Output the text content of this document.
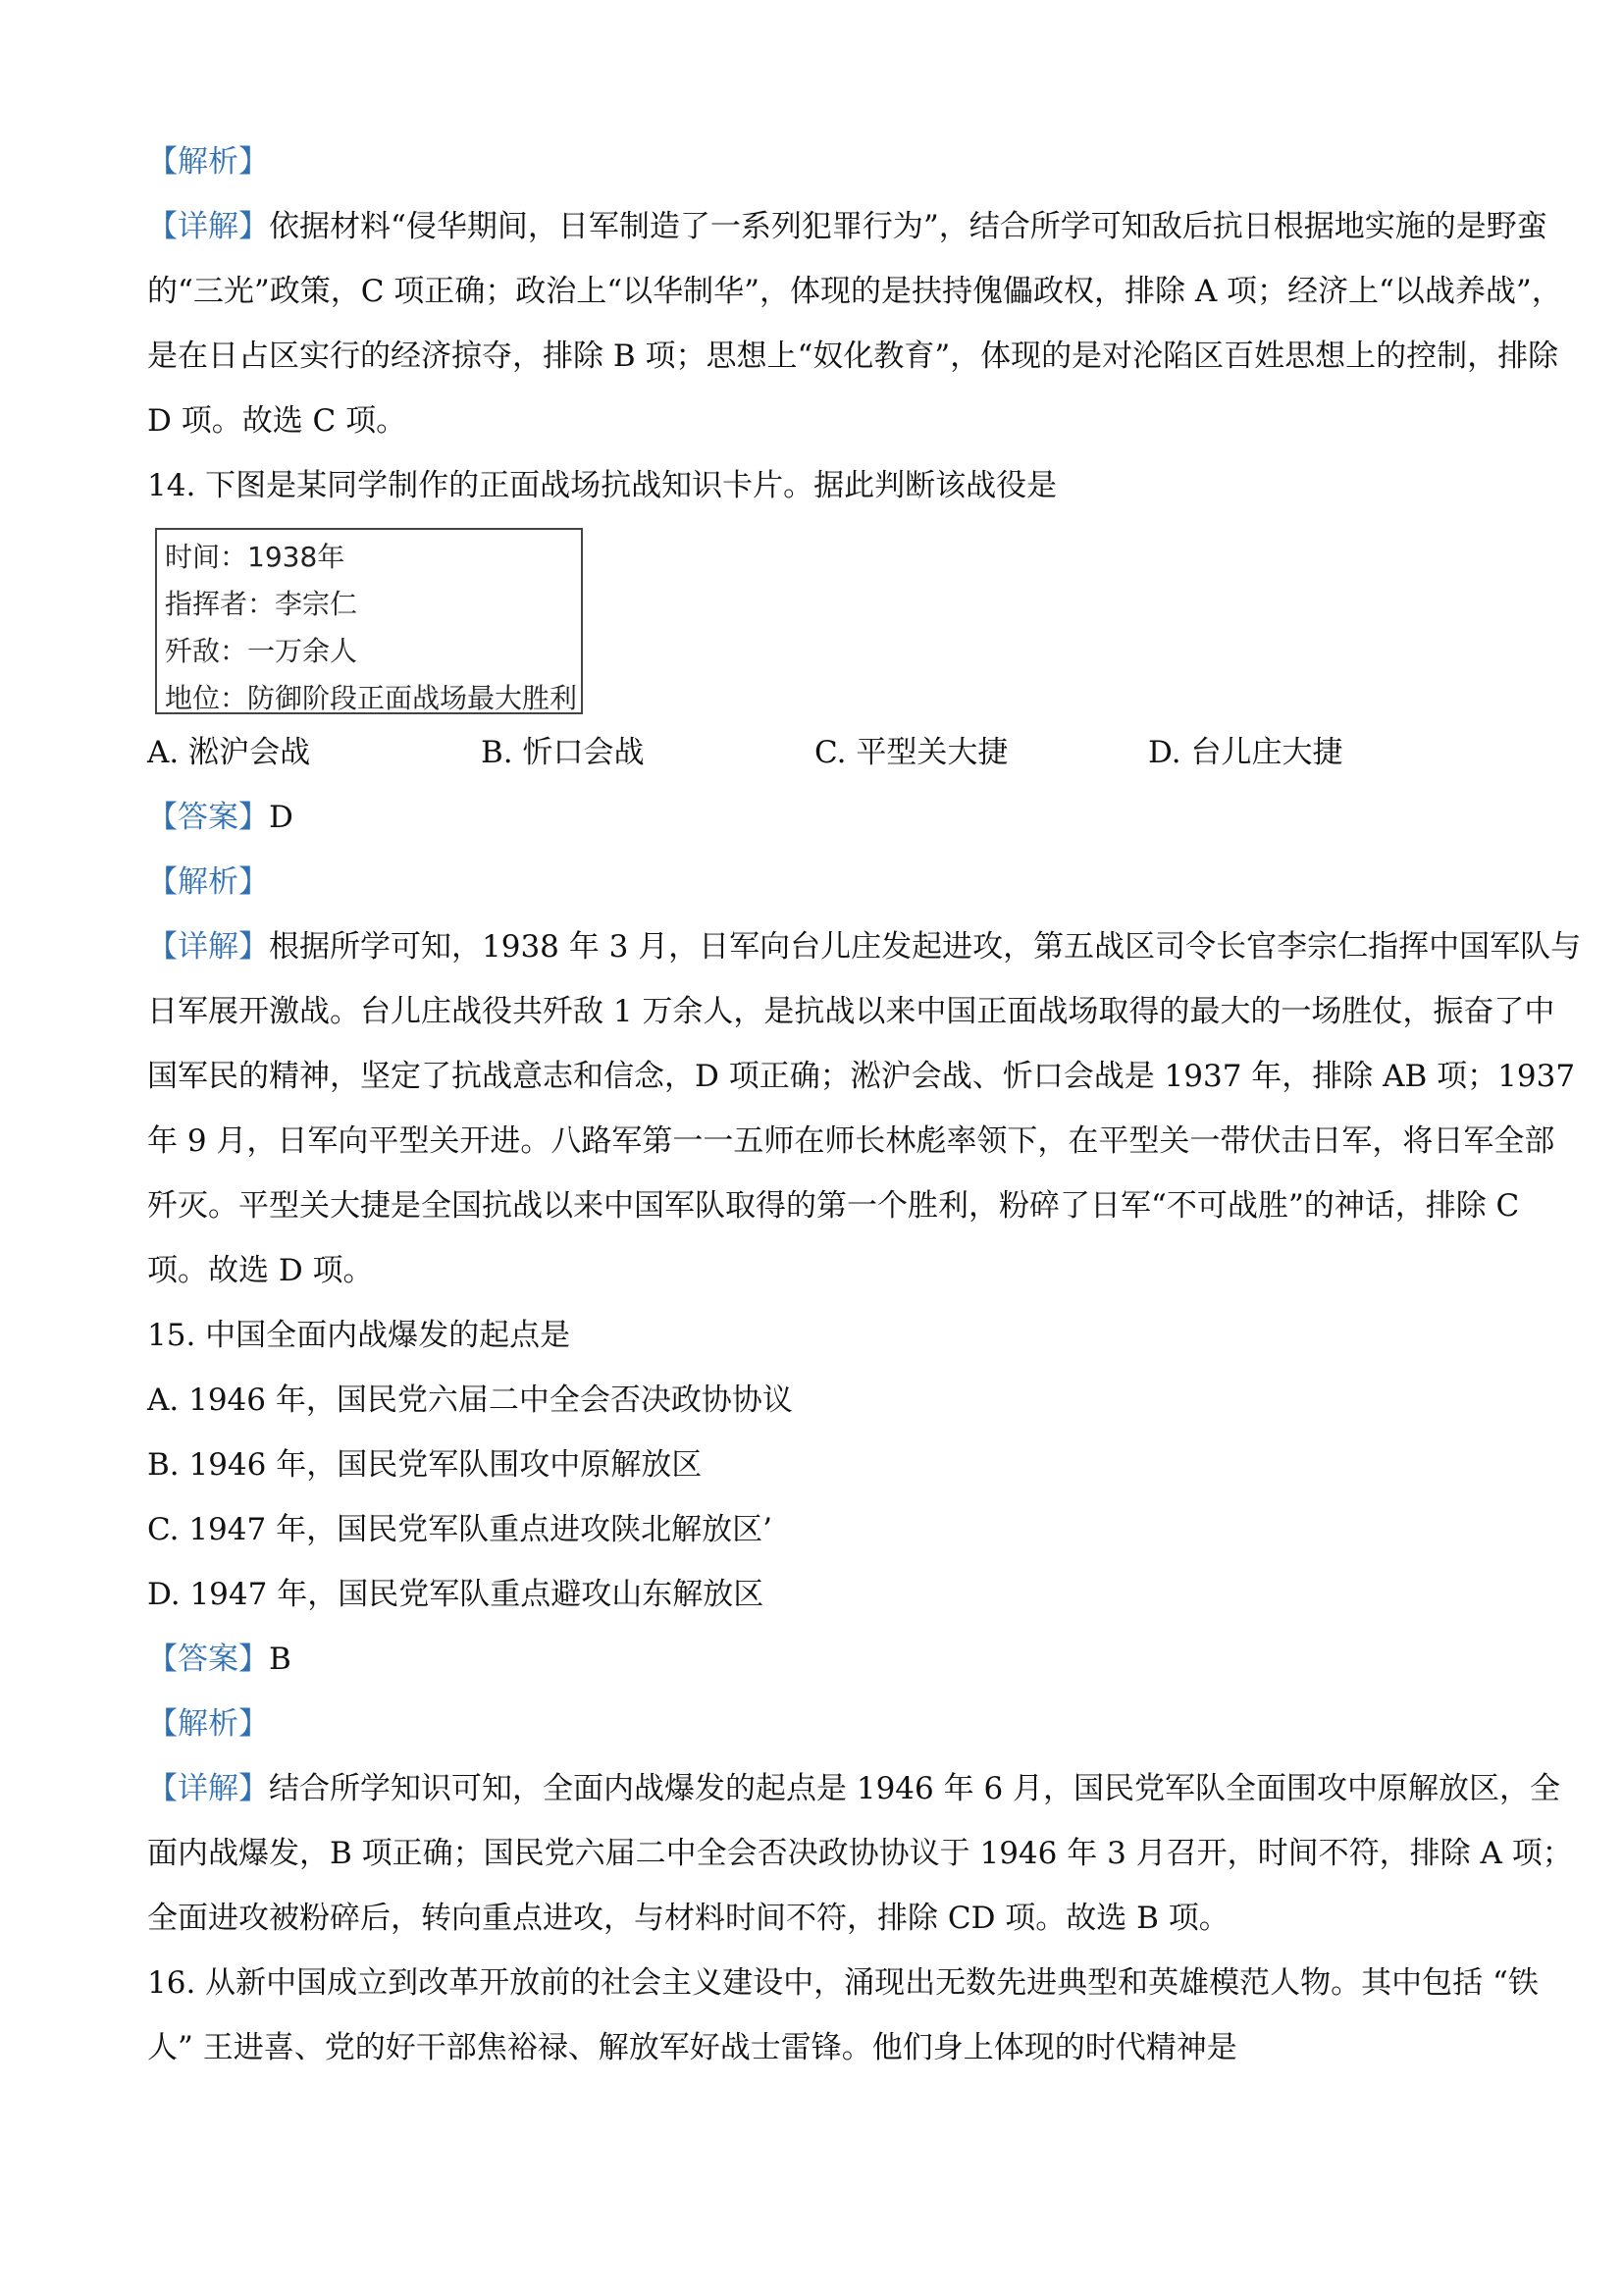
【解析】
【详解】依据材料“侵华期间，日军制造了一系列犯罪行为”，结合所学可知敌后抗日根据地实施的是野蛮
的“三光”政策，C 项正确；政治上“以华制华”，体现的是扶持傀儡政权，排除 A 项；经济上“以战养战”，
是在日占区实行的经济掠夺，排除 B 项；思想上“奴化教育”，体现的是对沦陷区百姓思想上的控制，排除
D 项。故选 C 项。
14. 下图是某同学制作的正面战场抗战知识卡片。据此判断该战役是
时间：1938年
指挥者：李宗仁
歼敌：一万余人
地位：防御阶段正面战场最大胜利
A. 淞沪会战	B. 忻口会战	C. 平型关大捷	D. 台儿庄大捷
【答案】D
【解析】
【详解】根据所学可知，1938 年 3 月，日军向台儿庄发起进攻，第五战区司令长官李宗仁指挥中国军队与
日军展开激战。台儿庄战役共歼敌 1 万余人，是抗战以来中国正面战场取得的最大的一场胜仗，振奋了中
国军民的精神，坚定了抗战意志和信念，D 项正确；淞沪会战、忻口会战是 1937 年，排除 AB 项；1937
年 9 月，日军向平型关开进。八路军第一一五师在师长林彪率领下，在平型关一带伏击日军，将日军全部
歼灭。平型关大捷是全国抗战以来中国军队取得的第一个胜利，粉碎了日军“不可战胜”的神话，排除 C
项。故选 D 项。
15. 中国全面内战爆发的起点是
A. 1946 年，国民党六届二中全会否决政协协议
B. 1946 年，国民党军队围攻中原解放区
C. 1947 年，国民党军队重点进攻陕北解放区’
D. 1947 年，国民党军队重点避攻山东解放区
【答案】B
【解析】
【详解】结合所学知识可知，全面内战爆发的起点是 1946 年 6 月，国民党军队全面围攻中原解放区，全
面内战爆发，B 项正确；国民党六届二中全会否决政协协议于 1946 年 3 月召开，时间不符，排除 A 项；
全面进攻被粉碎后，转向重点进攻，与材料时间不符，排除 CD 项。故选 B 项。
16. 从新中国成立到改革开放前的社会主义建设中，涌现出无数先进典型和英雄模范人物。其中包括 “铁
人” 王进喜、党的好干部焦裕禄、解放军好战士雷锋。他们身上体现的时代精神是
